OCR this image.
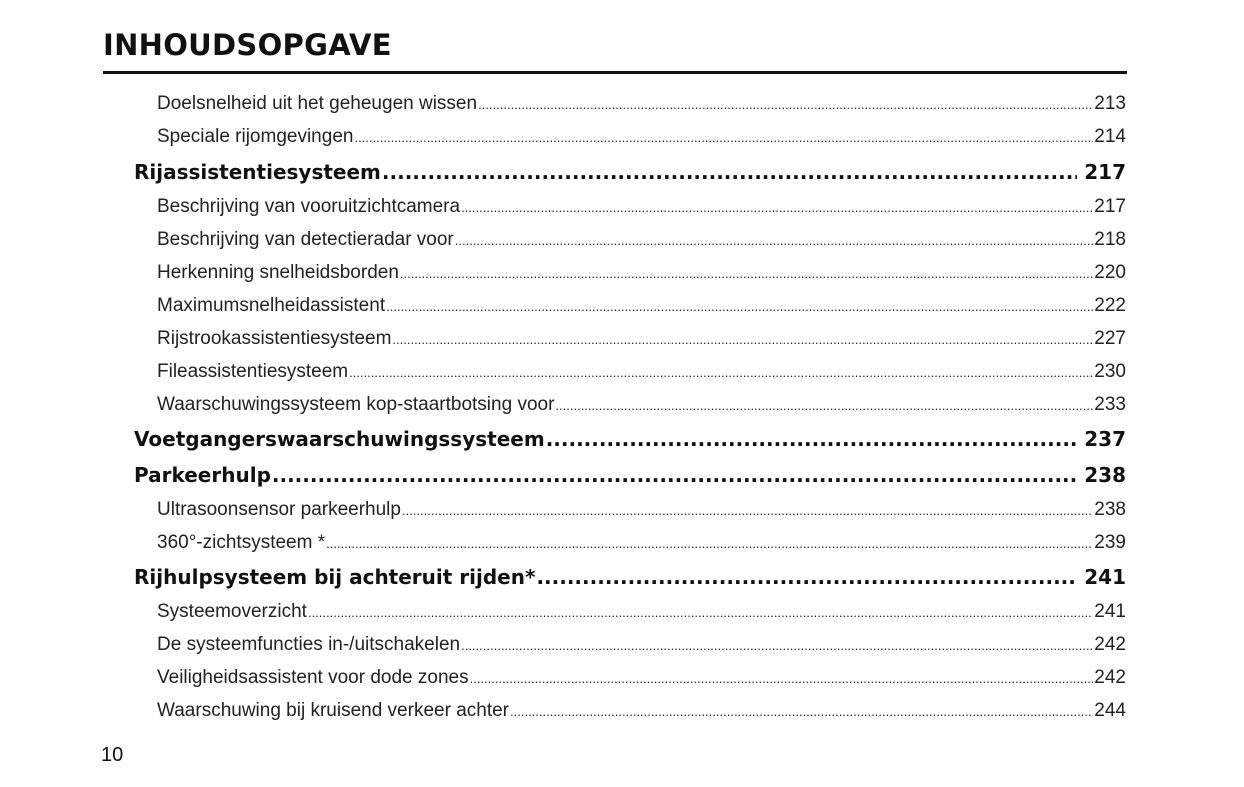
INHOUDSOPGAVE
Doelsnelheid uit het geheugen wissen .....	213
Speciale rijomgevingen .....	214
Rijassistentiesysteem .....	217
Beschrijving van vooruitzichtcamera .....	217
Beschrijving van detectieradar voor .....	218
Herkenning snelheidsborden .....	220
Maximumsnelheidassistent .....	222
Rijstrookassistentiesysteem .....	227
Fileassistentiesysteem .....	230
Waarschuwingssysteem kop-staartbotsing voor .....	233
Voetgangerswaarschuwingssysteem .....	237
Parkeerhulp .....	238
Ultrasoonsensor parkeerhulp .....	238
360°-zichtsysteem * .....	239
Rijhulpsysteem bij achteruit rijden* .....	241
Systeemoverzicht .....	241
De systeemfuncties in-/uitschakelen .....	242
Veiligheidsassistent voor dode zones .....	242
Waarschuwing bij kruisend verkeer achter .....	244
10
